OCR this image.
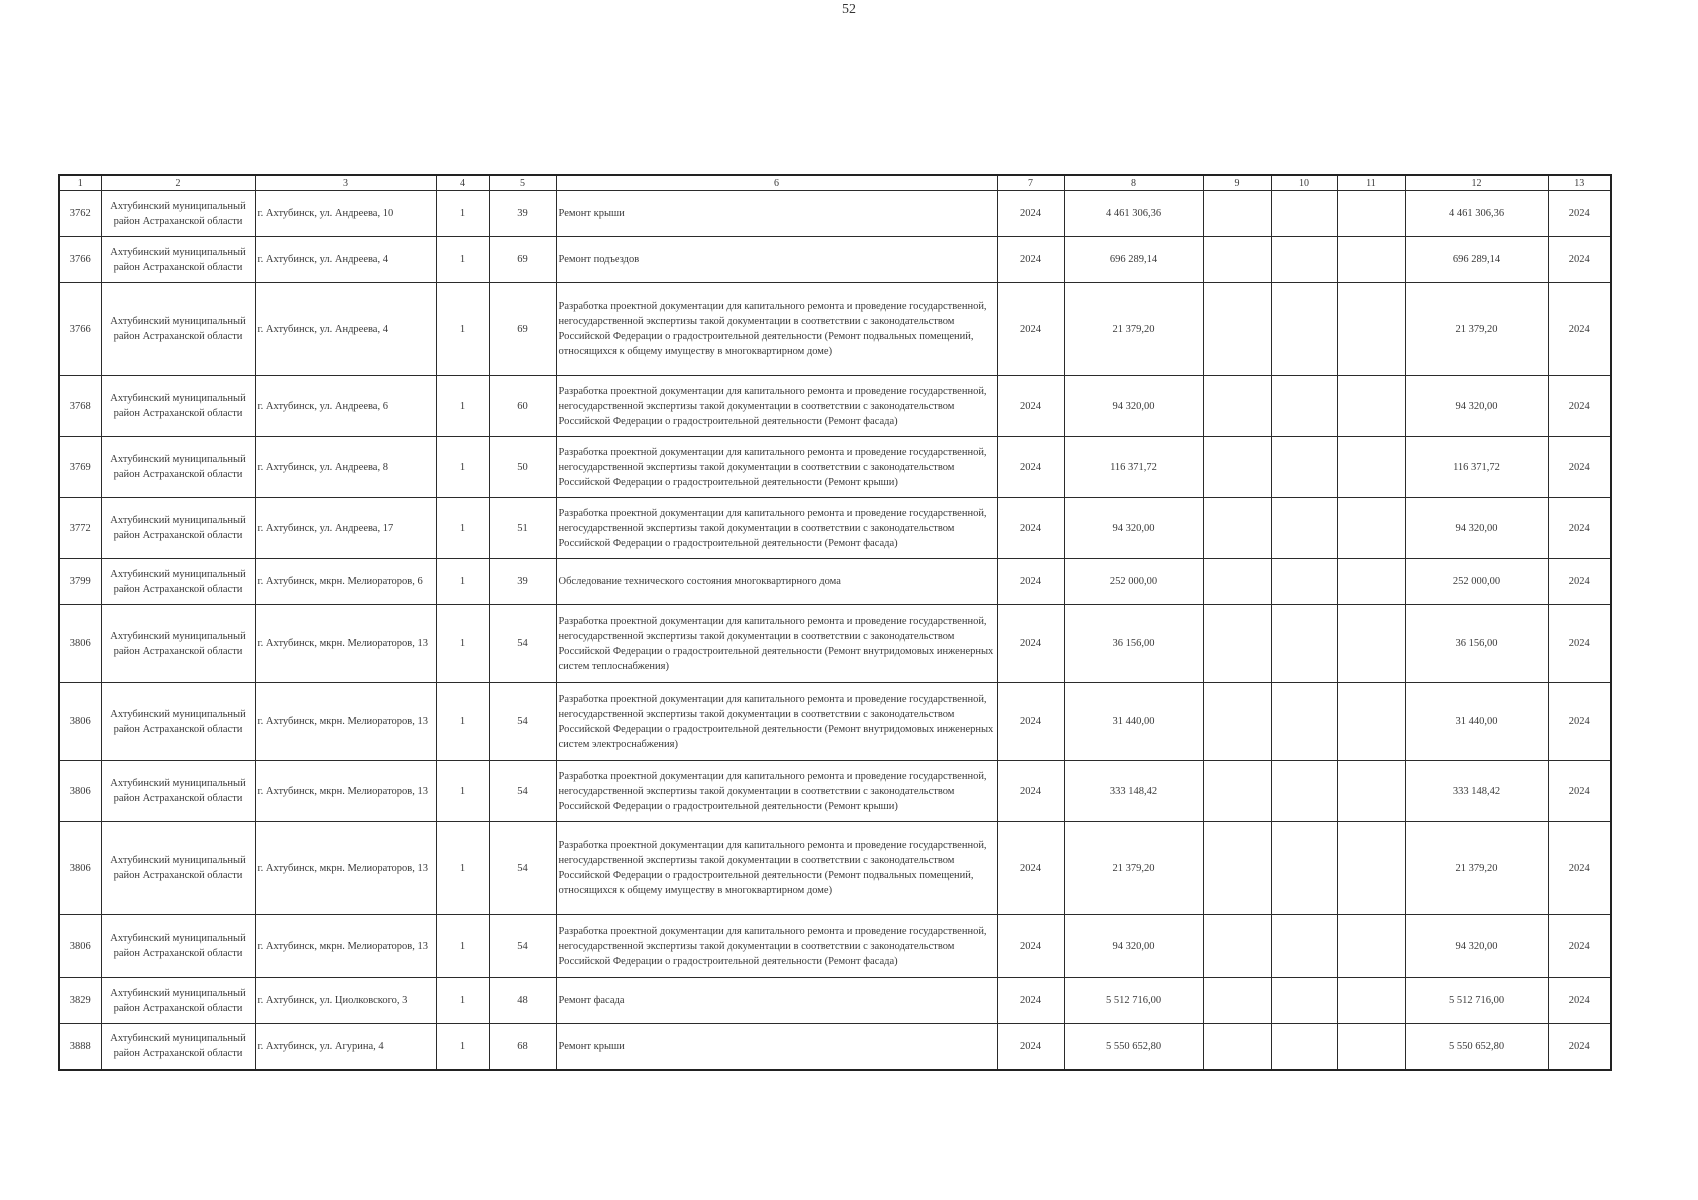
52
1	2	3	4	5	6	7	8	9	10	11	12	13
3762	Ахтубинский муниципальный район Астраханской области	г. Ахтубинск, ул. Андреева, 10	1	39	Ремонт крыши	2024	4 461 306,36				4 461 306,36	2024
3766	Ахтубинский муниципальный район Астраханской области	г. Ахтубинск, ул. Андреева, 4	1	69	Ремонт подъездов	2024	696 289,14				696 289,14	2024
3766	Ахтубинский муниципальный район Астраханской области	г. Ахтубинск, ул. Андреева, 4	1	69	Разработка проектной документации для капитального ремонта и проведение государственной, негосударственной экспертизы такой документации в соответствии с законодательством Российской Федерации о градостроительной деятельности (Ремонт подвальных помещений, относящихся к общему имуществу в многоквартирном доме)	2024	21 379,20				21 379,20	2024
3768	Ахтубинский муниципальный район Астраханской области	г. Ахтубинск, ул. Андреева, 6	1	60	Разработка проектной документации для капитального ремонта и проведение государственной, негосударственной экспертизы такой документации в соответствии с законодательством Российской Федерации о градостроительной деятельности (Ремонт фасада)	2024	94 320,00				94 320,00	2024
3769	Ахтубинский муниципальный район Астраханской области	г. Ахтубинск, ул. Андреева, 8	1	50	Разработка проектной документации для капитального ремонта и проведение государственной, негосударственной экспертизы такой документации в соответствии с законодательством Российской Федерации о градостроительной деятельности (Ремонт крыши)	2024	116 371,72				116 371,72	2024
3772	Ахтубинский муниципальный район Астраханской области	г. Ахтубинск, ул. Андреева, 17	1	51	Разработка проектной документации для капитального ремонта и проведение государственной, негосударственной экспертизы такой документации в соответствии с законодательством Российской Федерации о градостроительной деятельности (Ремонт фасада)	2024	94 320,00				94 320,00	2024
3799	Ахтубинский муниципальный район Астраханской области	г. Ахтубинск, мкрн. Мелиораторов, 6	1	39	Обследование технического состояния многоквартирного дома	2024	252 000,00				252 000,00	2024
3806	Ахтубинский муниципальный район Астраханской области	г. Ахтубинск, мкрн. Мелиораторов, 13	1	54	Разработка проектной документации для капитального ремонта и проведение государственной, негосударственной экспертизы такой документации в соответствии с законодательством Российской Федерации о градостроительной деятельности (Ремонт внутридомовых инженерных систем теплоснабжения)	2024	36 156,00				36 156,00	2024
3806	Ахтубинский муниципальный район Астраханской области	г. Ахтубинск, мкрн. Мелиораторов, 13	1	54	Разработка проектной документации для капитального ремонта и проведение государственной, негосударственной экспертизы такой документации в соответствии с законодательством Российской Федерации о градостроительной деятельности (Ремонт внутридомовых инженерных систем электроснабжения)	2024	31 440,00				31 440,00	2024
3806	Ахтубинский муниципальный район Астраханской области	г. Ахтубинск, мкрн. Мелиораторов, 13	1	54	Разработка проектной документации для капитального ремонта и проведение государственной, негосударственной экспертизы такой документации в соответствии с законодательством Российской Федерации о градостроительной деятельности (Ремонт крыши)	2024	333 148,42				333 148,42	2024
3806	Ахтубинский муниципальный район Астраханской области	г. Ахтубинск, мкрн. Мелиораторов, 13	1	54	Разработка проектной документации для капитального ремонта и проведение государственной, негосударственной экспертизы такой документации в соответствии с законодательством Российской Федерации о градостроительной деятельности (Ремонт подвальных помещений, относящихся к общему имуществу в многоквартирном доме)	2024	21 379,20				21 379,20	2024
3806	Ахтубинский муниципальный район Астраханской области	г. Ахтубинск, мкрн. Мелиораторов, 13	1	54	Разработка проектной документации для капитального ремонта и проведение государственной, негосударственной экспертизы такой документации в соответствии с законодательством Российской Федерации о градостроительной деятельности (Ремонт фасада)	2024	94 320,00				94 320,00	2024
3829	Ахтубинский муниципальный район Астраханской области	г. Ахтубинск, ул. Циолковского, 3	1	48	Ремонт фасада	2024	5 512 716,00				5 512 716,00	2024
3888	Ахтубинский муниципальный район Астраханской области	г. Ахтубинск, ул. Агурина, 4	1	68	Ремонт крыши	2024	5 550 652,80				5 550 652,80	2024
